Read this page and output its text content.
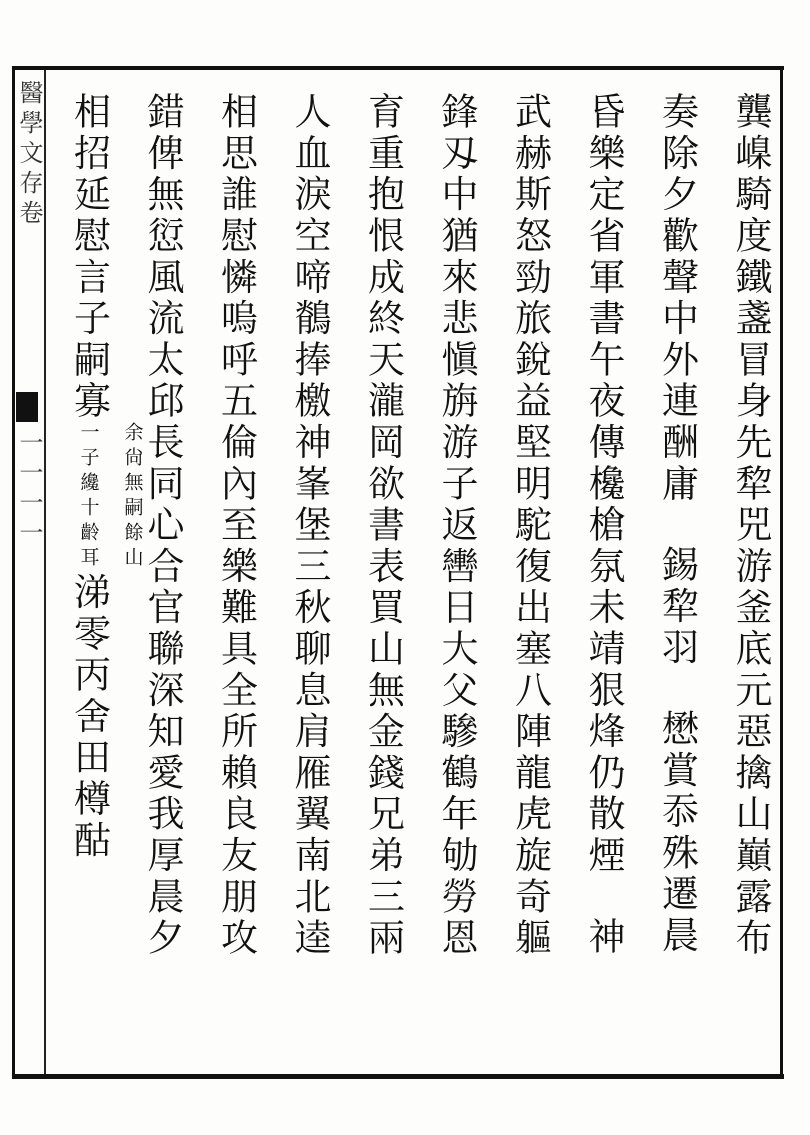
醫學文存卷
一一一一	龔嵲騎度鐵盞冒身先犂兕游釜底元惡擒山巔露布
奏除夕歡聲中外連酬庸錫犂羽懋賞忝殊遷晨
昏樂定省軍書午夜傳欃槍氛未靖狠烽仍散煙神
武赫斯怒勁旅銳益堅明駝復出塞八陣龍虎旋奇軀
鋒刄中猶來悲愼旃游子返轡日大父驂鶴年劬勞恩
育重抱恨成終天瀧岡欲書表買山無金錢兄弟三兩
人血淚空啼鶺捧檄神峯堡三秋聊息肩雁翼南北逵
相思誰慰憐嗚呼五倫內至樂難具全所賴良友朋攻
錯俾無愆風流太邱長同心合官聯深知愛我厚晨夕
相招延慰言子嗣寡余尙無嗣餘山
一子纔十齡耳涕零丙舍田樽酤
